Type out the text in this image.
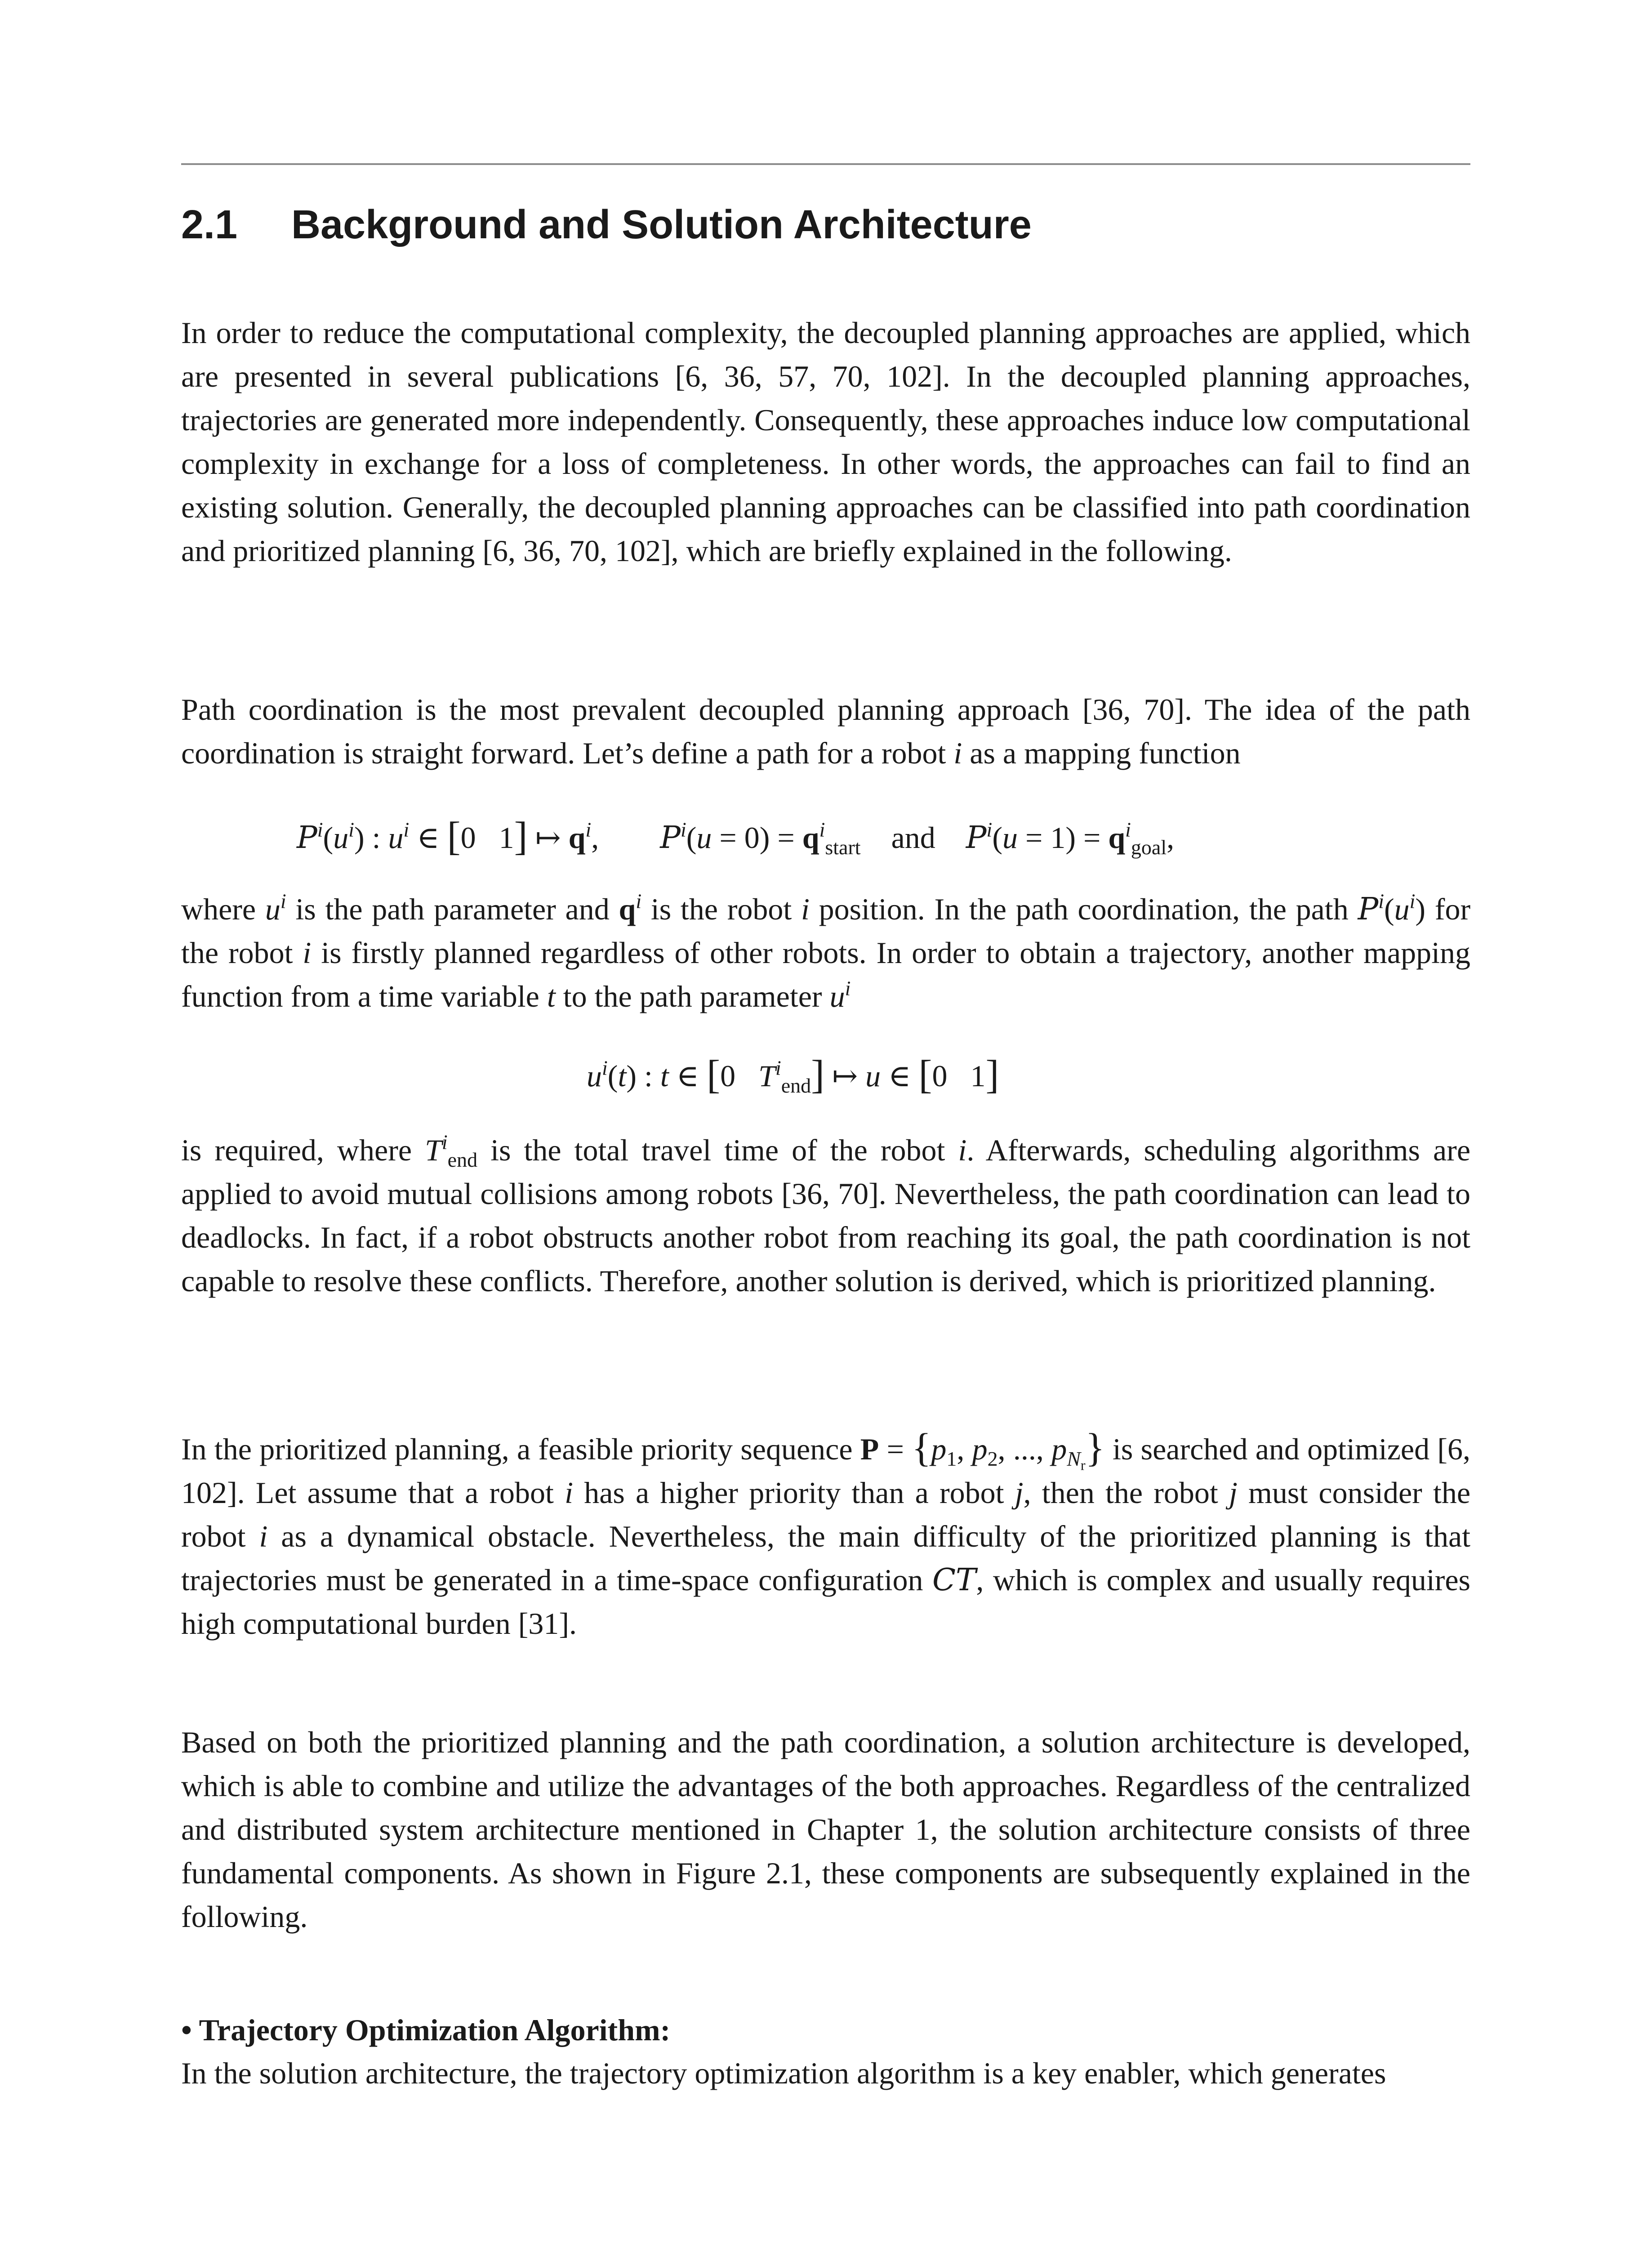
2.1 Background and Solution Architecture

In order to reduce the computational complexity, the decoupled planning approaches are applied, which are presented in several publications [6, 36, 57, 70, 102]. In the decoupled planning approaches, trajectories are generated more independently. Consequently, these approaches induce low computational complexity in exchange for a loss of completeness. In other words, the approaches can fail to find an existing solution. Generally, the decoupled planning approaches can be classified into path coordination and prioritized planning [6, 36, 70, 102], which are briefly explained in the following.

Path coordination is the most prevalent decoupled planning approach [36, 70]. The idea of the path coordination is straight forward. Let’s define a path for a robot i as a mapping function

$P^i(u^i)$ : $u^i$ ∈ [0   1] ↦ $q^i$,        $P^i(u = 0) = q^i_{start}$ and $P^i(u = 1) = q^i_{goal}$,

where $u^i$ is the path parameter and $q^i$ is the robot i position. In the path coordination, the path $P^i(u^i)$ for the robot i is firstly planned regardless of other robots. In order to obtain a trajectory, another mapping function from a time variable t to the path parameter $u^i$

$u^i(t)$ : t ∈ [0   $T^i_{end}$] ↦ u ∈ [0   1]

is required, where $T^i_{end}$ is the total travel time of the robot i. Afterwards, scheduling algorithms are applied to avoid mutual collisions among robots [36, 70]. Nevertheless, the path coordination can lead to deadlocks. In fact, if a robot obstructs another robot from reaching its goal, the path coordination is not capable to resolve these conflicts. Therefore, another solution is derived, which is prioritized planning.

In the prioritized planning, a feasible priority sequence $P = \{p_1$, $p_2$, ..., $p_{N_r}$} is searched and optimized [6, 102]. Let assume that a robot i has a higher priority than a robot j, then the robot j must consider the robot i as a dynamical obstacle. Nevertheless, the main difficulty of the prioritized planning is that trajectories must be generated in a time-space configuration CT, which is complex and usually requires high computational burden [31].

Based on both the prioritized planning and the path coordination, a solution architecture is developed, which is able to combine and utilize the advantages of the both approaches. Regardless of the centralized and distributed system architecture mentioned in Chapter 1, the solution architecture consists of three fundamental components. As shown in Figure 2.1, these components are subsequently explained in the following.

• Trajectory Optimization Algorithm:

In the solution architecture, the trajectory optimization algorithm is a key enabler, which generates
